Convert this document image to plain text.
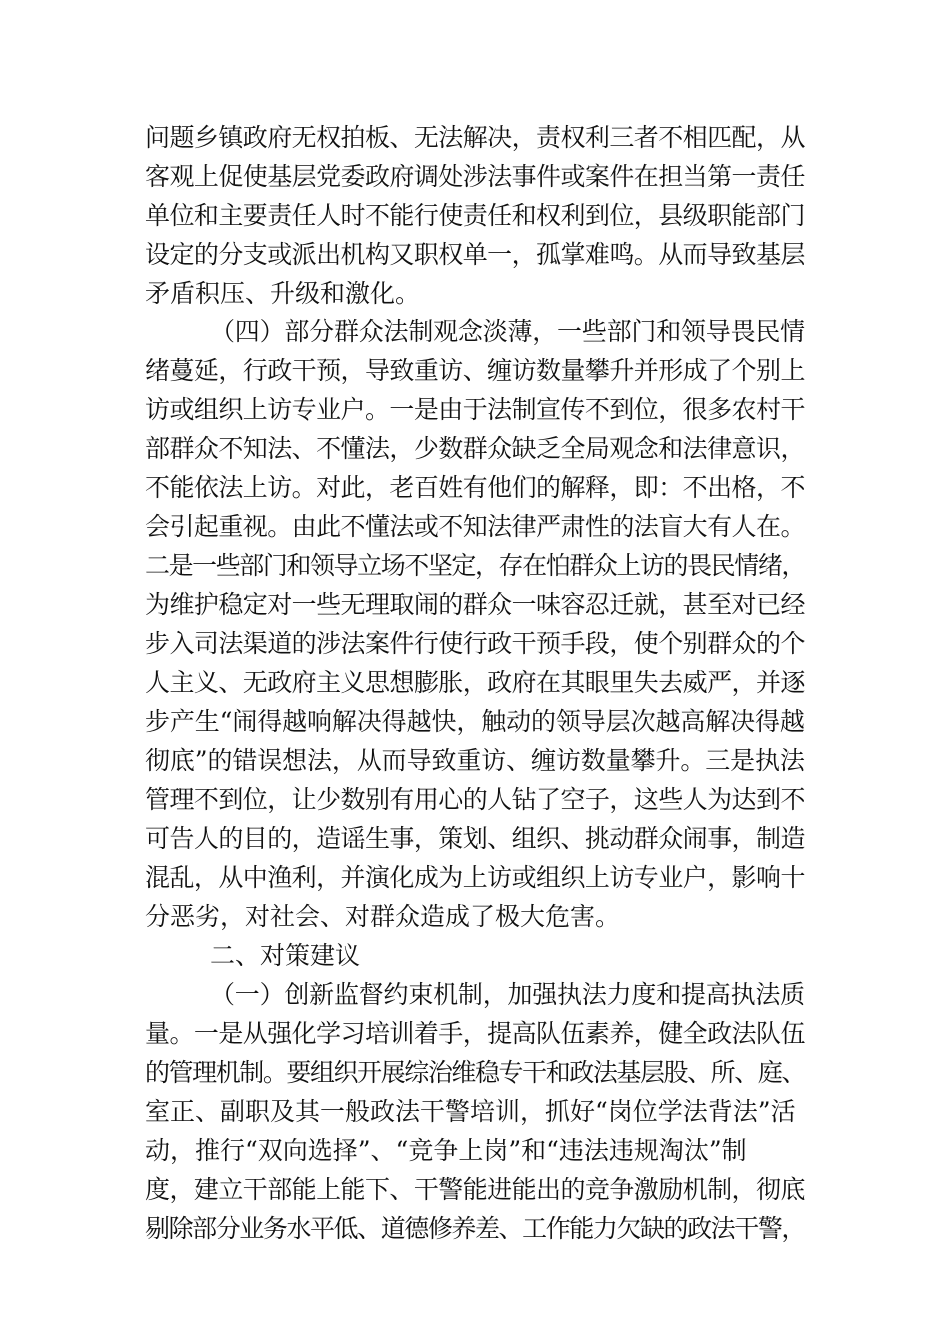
问题乡镇政府无权拍板、无法解决，责权利三者不相匹配，从
客观上促使基层党委政府调处涉法事件或案件在担当第一责任
单位和主要责任人时不能行使责任和权利到位，县级职能部门
设定的分支或派出机构又职权单一，孤掌难鸣。从而导致基层
矛盾积压、升级和激化。
（四）部分群众法制观念淡薄，一些部门和领导畏民情
绪蔓延，行政干预，导致重访、缠访数量攀升并形成了个别上
访或组织上访专业户。一是由于法制宣传不到位，很多农村干
部群众不知法、不懂法，少数群众缺乏全局观念和法律意识，
不能依法上访。对此，老百姓有他们的解释，即：不出格，不
会引起重视。由此不懂法或不知法律严肃性的法盲大有人在。
二是一些部门和领导立场不坚定，存在怕群众上访的畏民情绪，
为维护稳定对一些无理取闹的群众一味容忍迁就，甚至对已经
步入司法渠道的涉法案件行使行政干预手段，使个别群众的个
人主义、无政府主义思想膨胀，政府在其眼里失去威严，并逐
步产生“闹得越响解决得越快，触动的领导层次越高解决得越
彻底”的错误想法，从而导致重访、缠访数量攀升。三是执法
管理不到位，让少数别有用心的人钻了空子，这些人为达到不
可告人的目的，造谣生事，策划、组织、挑动群众闹事，制造
混乱，从中渔利，并演化成为上访或组织上访专业户，影响十
分恶劣，对社会、对群众造成了极大危害。
二、对策建议
（一）创新监督约束机制，加强执法力度和提高执法质
量。一是从强化学习培训着手，提高队伍素养，健全政法队伍
的管理机制。要组织开展综治维稳专干和政法基层股、所、庭、
室正、副职及其一般政法干警培训，抓好“岗位学法背法”活
动，推行“双向选择”、“竞争上岗”和“违法违规淘汰”制
度，建立干部能上能下、干警能进能出的竞争激励机制，彻底
剔除部分业务水平低、道德修养差、工作能力欠缺的政法干警，
